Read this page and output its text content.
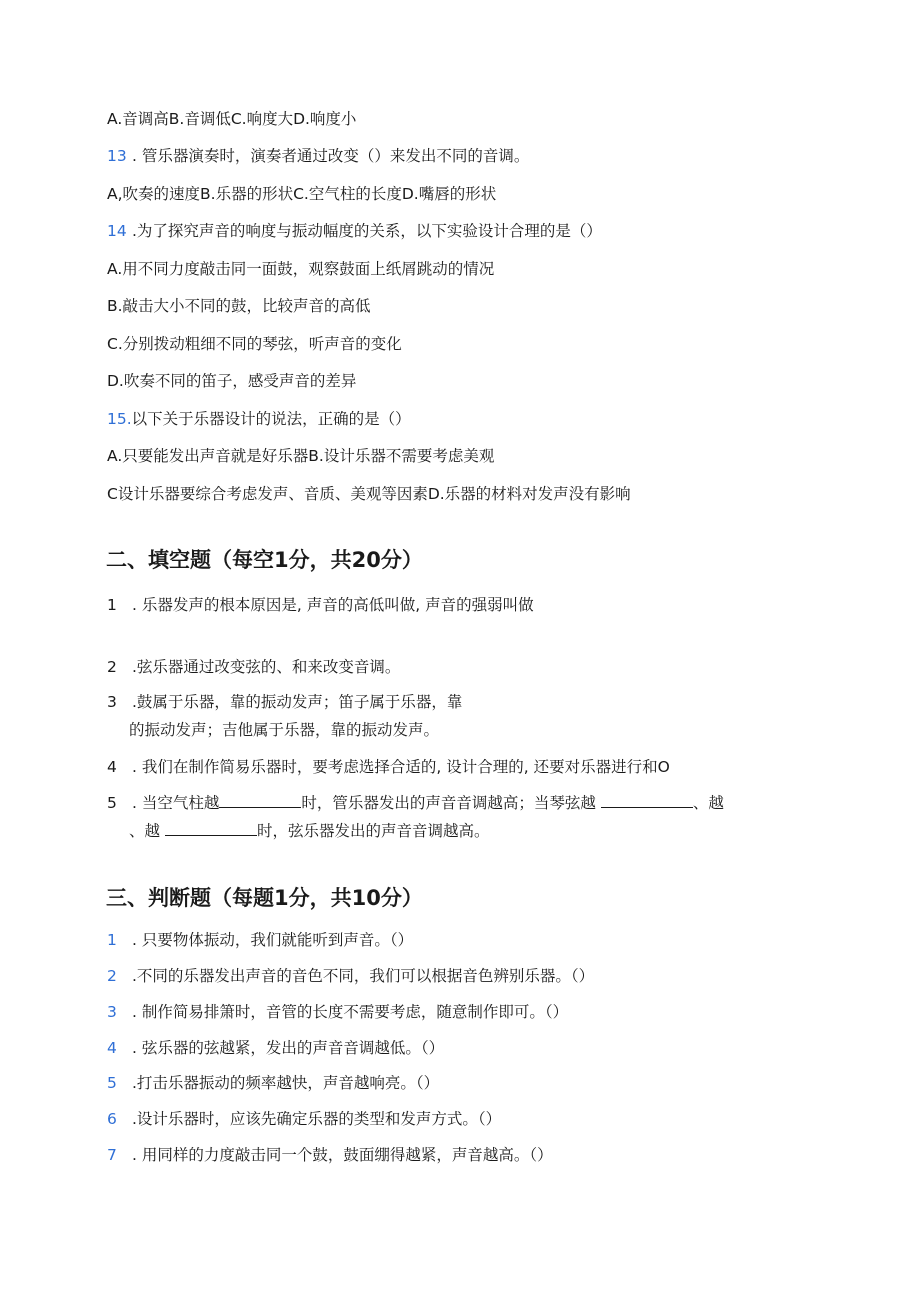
A.音调高B.音调低C.响度大D.响度小
13 . 管乐器演奏时，演奏者通过改变（）来发出不同的音调。
A,吹奏的速度B.乐器的形状C.空气柱的长度D.嘴唇的形状
14 .为了探究声音的响度与振动幅度的关系，以下实验设计合理的是（）
A.用不同力度敲击同一面鼓，观察鼓面上纸屑跳动的情况
B.敲击大小不同的鼓，比较声音的高低
C.分别拨动粗细不同的琴弦，听声音的变化
D.吹奏不同的笛子，感受声音的差异
15.以下关于乐器设计的说法，正确的是（）
A.只要能发出声音就是好乐器B.设计乐器不需要考虑美观
C设计乐器要综合考虑发声、音质、美观等因素D.乐器的材料对发声没有影响
二、填空题（每空1分，共20分）
1 . 乐器发声的根本原因是, 声音的高低叫做, 声音的强弱叫做
2 .弦乐器通过改变弦的、和来改变音调。
3 .鼓属于乐器，靠的振动发声；笛子属于乐器，靠
的振动发声；吉他属于乐器，靠的振动发声。
4 . 我们在制作简易乐器时，要考虑选择合适的, 设计合理的, 还要对乐器进行和O
5 . 当空气柱越	时，管乐器发出的声音音调越高；当琴弦越	、越
、越	时，弦乐器发出的声音音调越高。
三、判断题（每题1分，共10分）
1 . 只要物体振动，我们就能听到声音。（）
2 .不同的乐器发出声音的音色不同，我们可以根据音色辨别乐器。（）
3 . 制作简易排箫时，音管的长度不需要考虑，随意制作即可。（）
4 . 弦乐器的弦越紧，发出的声音音调越低。（）
5 .打击乐器振动的频率越快，声音越响亮。（）
6 .设计乐器时，应该先确定乐器的类型和发声方式。（）
7 . 用同样的力度敲击同一个鼓，鼓面绷得越紧，声音越高。（）
